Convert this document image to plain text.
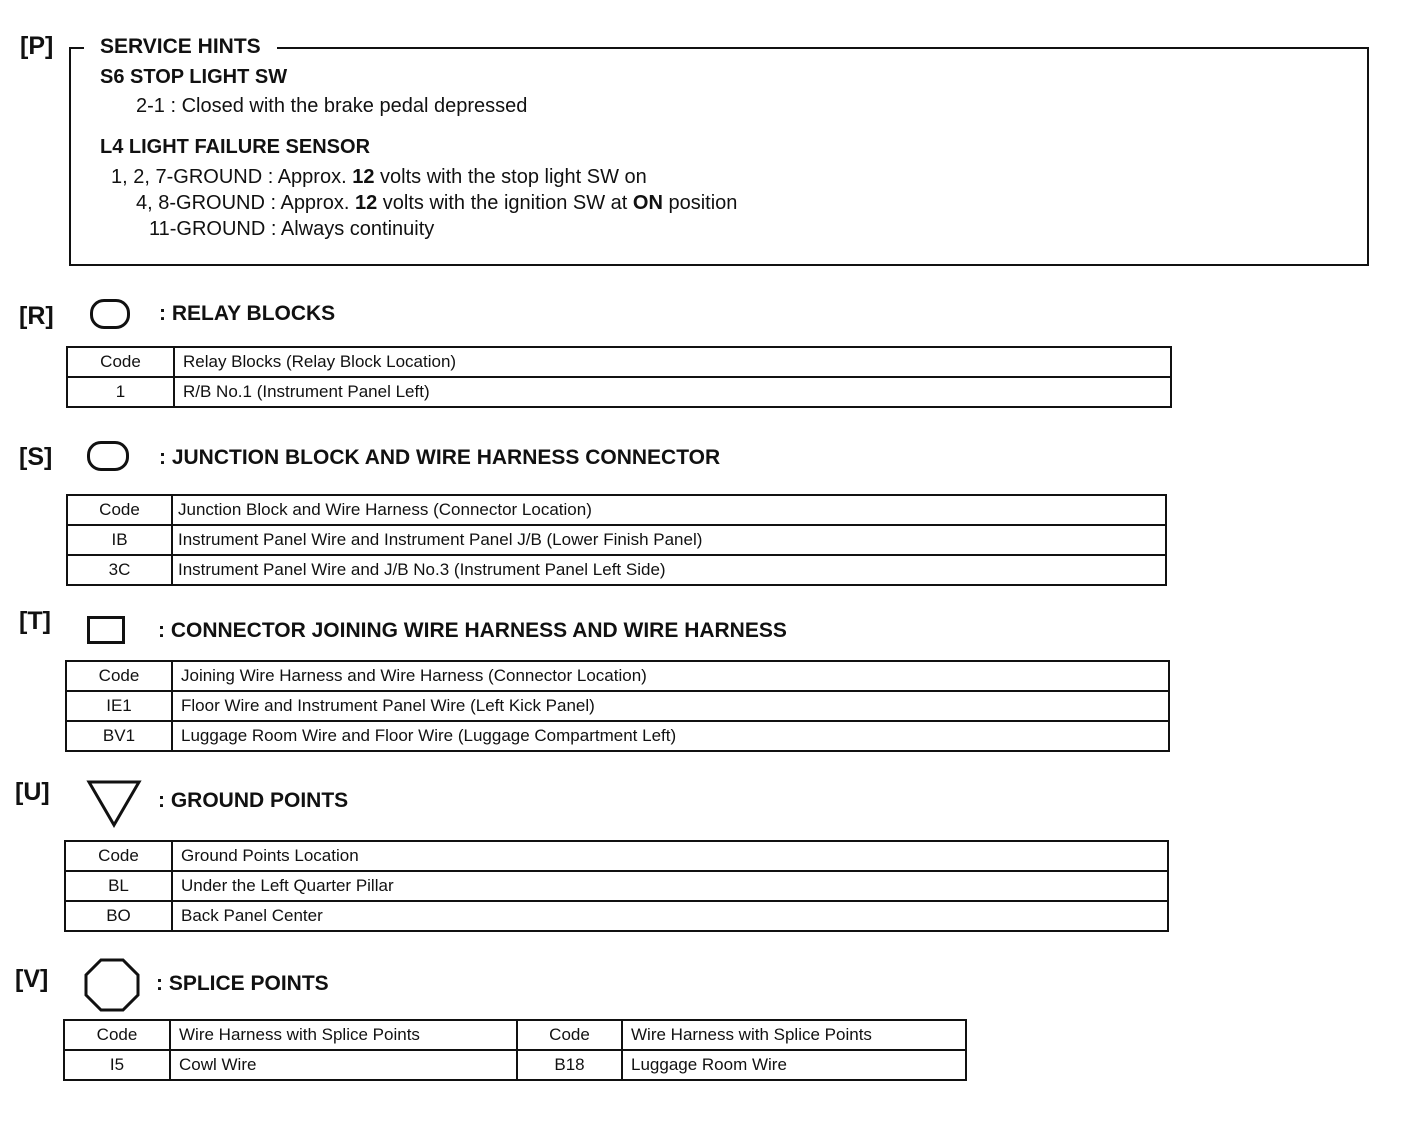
[P]	SERVICE HINTS
S6 STOP LIGHT SW
2-1 : Closed with the brake pedal depressed
L4 LIGHT FAILURE SENSOR
1, 2, 7-GROUND : Approx. 12 volts with the stop light SW on
4, 8-GROUND : Approx. 12 volts with the ignition SW at ON position
11-GROUND : Always continuity
[R]	: RELAY BLOCKS
Code	Relay Blocks (Relay Block Location)
1	R/B No.1 (Instrument Panel Left)
[S]	: JUNCTION BLOCK AND WIRE HARNESS CONNECTOR
Code	Junction Block and Wire Harness (Connector Location)
IB	Instrument Panel Wire and Instrument Panel J/B (Lower Finish Panel)
3C	Instrument Panel Wire and J/B No.3 (Instrument Panel Left Side)
[T]	: CONNECTOR JOINING WIRE HARNESS AND WIRE HARNESS
Code	Joining Wire Harness and Wire Harness (Connector Location)
IE1	Floor Wire and Instrument Panel Wire (Left Kick Panel)
BV1	Luggage Room Wire and Floor Wire (Luggage Compartment Left)
[U]	: GROUND POINTS
Code	Ground Points Location
BL	Under the Left Quarter Pillar
BO	Back Panel Center
[V]	: SPLICE POINTS
Code	Wire Harness with Splice Points	Code	Wire Harness with Splice Points
I5	Cowl Wire	B18	Luggage Room Wire
